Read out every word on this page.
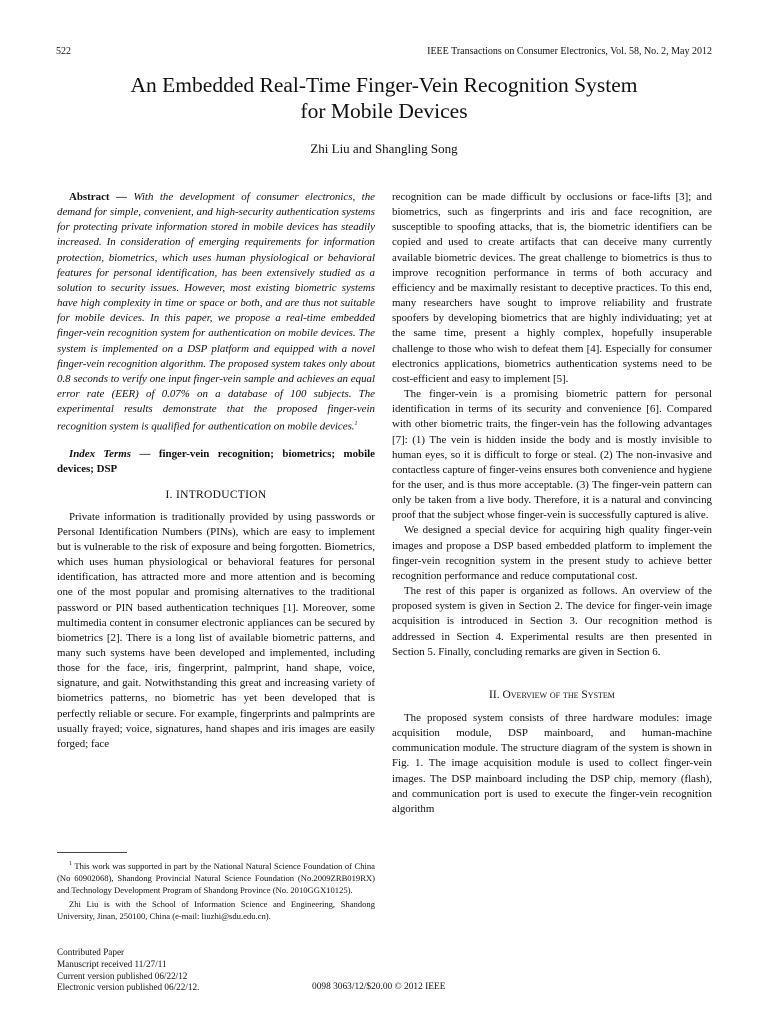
522	IEEE Transactions on Consumer Electronics, Vol. 58, No. 2, May 2012
An Embedded Real-Time Finger-Vein Recognition System
for Mobile Devices
Zhi Liu and Shangling Song

Abstract — With the development of consumer electronics, the demand for simple, convenient, and high-security authentication systems for protecting private information stored in mobile devices has steadily increased. In consideration of emerging requirements for information protection, biometrics, which uses human physiological or behavioral features for personal identification, has been extensively studied as a solution to security issues. However, most existing biometric systems have high complexity in time or space or both, and are thus not suitable for mobile devices. In this paper, we propose a real-time embedded finger-vein recognition system for authentication on mobile devices. The system is implemented on a DSP platform and equipped with a novel finger-vein recognition algorithm. The proposed system takes only about 0.8 seconds to verify one input finger-vein sample and achieves an equal error rate (EER) of 0.07% on a database of 100 subjects. The experimental results demonstrate that the proposed finger-vein recognition system is qualified for authentication on mobile devices.$^1$

Index Terms — finger-vein recognition; biometrics; mobile devices; DSP

I. INTRODUCTION

Private information is traditionally provided by using passwords or Personal Identification Numbers (PINs), which are easy to implement but is vulnerable to the risk of exposure and being forgotten. Biometrics, which uses human physiological or behavioral features for personal identification, has attracted more and more attention and is becoming one of the most popular and promising alternatives to the traditional password or PIN based authentication techniques [1]. Moreover, some multimedia content in consumer electronic appliances can be secured by biometrics [2]. There is a long list of available biometric patterns, and many such systems have been developed and implemented, including those for the face, iris, fingerprint, palmprint, hand shape, voice, signature, and gait. Notwithstanding this great and increasing variety of biometrics patterns, no biometric has yet been developed that is perfectly reliable or secure. For example, fingerprints and palmprints are usually frayed; voice, signatures, hand shapes and iris images are easily forged; face

recognition can be made difficult by occlusions or face-lifts [3]; and biometrics, such as fingerprints and iris and face recognition, are susceptible to spoofing attacks, that is, the biometric identifiers can be copied and used to create artifacts that can deceive many currently available biometric devices. The great challenge to biometrics is thus to improve recognition performance in terms of both accuracy and efficiency and be maximally resistant to deceptive practices. To this end, many researchers have sought to improve reliability and frustrate spoofers by developing biometrics that are highly individuating; yet at the same time, present a highly complex, hopefully insuperable challenge to those who wish to defeat them [4]. Especially for consumer electronics applications, biometrics authentication systems need to be cost-efficient and easy to implement [5].

The finger-vein is a promising biometric pattern for personal identification in terms of its security and convenience [6]. Compared with other biometric traits, the finger-vein has the following advantages [7]: (1) The vein is hidden inside the body and is mostly invisible to human eyes, so it is difficult to forge or steal. (2) The non-invasive and contactless capture of finger-veins ensures both convenience and hygiene for the user, and is thus more acceptable. (3) The finger-vein pattern can only be taken from a live body. Therefore, it is a natural and convincing proof that the subject whose finger-vein is successfully captured is alive.

We designed a special device for acquiring high quality finger-vein images and propose a DSP based embedded platform to implement the finger-vein recognition system in the present study to achieve better recognition performance and reduce computational cost.

The rest of this paper is organized as follows. An overview of the proposed system is given in Section 2. The device for finger-vein image acquisition is introduced in Section 3. Our recognition method is addressed in Section 4. Experimental results are then presented in Section 5. Finally, concluding remarks are given in Section 6.

II. Overview of the System

The proposed system consists of three hardware modules: image acquisition module, DSP mainboard, and human-machine communication module. The structure diagram of the system is shown in Fig. 1. The image acquisition module is used to collect finger-vein images. The DSP mainboard including the DSP chip, memory (flash), and communication port is used to execute the finger-vein recognition algorithm

$^1$ This work was supported in part by the National Natural Science Foundation of China (No 60902068), Shandong Provincial Natural Science Foundation (No.2009ZRB019RX) and Technology Development Program of Shandong Province (No. 2010GGX10125).

Zhi Liu is with the School of Information Science and Engineering, Shandong University, Jinan, 250100, China (e-mail: liuzhi@sdu.edu.cn).

Contributed Paper
Manuscript received 11/27/11
Current version published 06/22/12
Electronic version published 06/22/12.	0098 3063/12/$20.00 © 2012 IEEE
